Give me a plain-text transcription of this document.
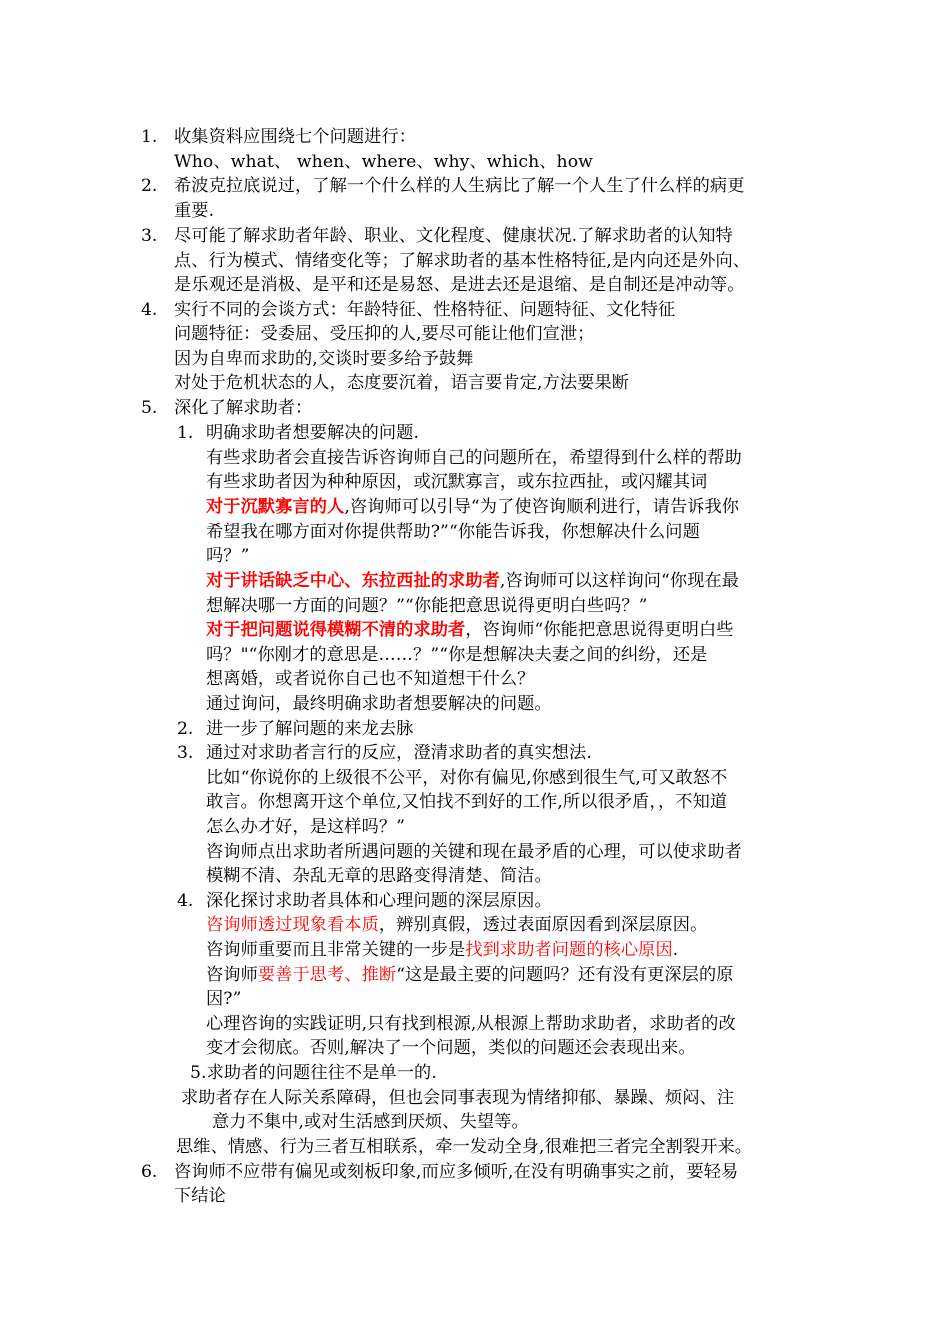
1. 收集资料应围绕七个问题进行：

Who、what、 when、where、why、which、how

2. 希波克拉底说过，了解一个什么样的人生病比了解一个人生了什么样的病更

重要.

3. 尽可能了解求助者年龄、职业、文化程度、健康状况.了解求助者的认知特

点、行为模式、情绪变化等；了解求助者的基本性格特征,是内向还是外向、

是乐观还是消极、是平和还是易怒、是进去还是退缩、是自制还是冲动等。

4. 实行不同的会谈方式：年龄特征、性格特征、问题特征、文化特征

问题特征：受委屈、受压抑的人,要尽可能让他们宣泄；

因为自卑而求助的,交谈时要多给予鼓舞

对处于危机状态的人，态度要沉着，语言要肯定,方法要果断

5. 深化了解求助者：

1. 明确求助者想要解决的问题.

有些求助者会直接告诉咨询师自己的问题所在，希望得到什么样的帮助

有些求助者因为种种原因，或沉默寡言，或东拉西扯，或闪耀其词

对于沉默寡言的人,咨询师可以引导“为了使咨询顺利进行，请告诉我你

希望我在哪方面对你提供帮助?”“你能告诉我，你想解决什么问题

吗？”

对于讲话缺乏中心、东拉西扯的求助者,咨询师可以这样询问“你现在最

想解决哪一方面的问题？”“你能把意思说得更明白些吗？”

对于把问题说得模糊不清的求助者，咨询师“你能把意思说得更明白些

吗？"“你刚才的意思是……？”“你是想解决夫妻之间的纠纷，还是

想离婚，或者说你自己也不知道想干什么？

通过询问，最终明确求助者想要解决的问题。

2. 进一步了解问题的来龙去脉

3. 通过对求助者言行的反应，澄清求助者的真实想法.

比如“你说你的上级很不公平，对你有偏见,你感到很生气,可又敢怒不

敢言。你想离开这个单位,又怕找不到好的工作,所以很矛盾，，不知道

怎么办才好，是这样吗？”

咨询师点出求助者所遇问题的关键和现在最矛盾的心理，可以使求助者

模糊不清、杂乱无章的思路变得清楚、简洁。

4. 深化探讨求助者具体和心理问题的深层原因。

咨询师透过现象看本质，辨别真假，透过表面原因看到深层原因。

咨询师重要而且非常关键的一步是找到求助者问题的核心原因.

咨询师要善于思考、推断“这是最主要的问题吗？还有没有更深层的原

因?”

心理咨询的实践证明,只有找到根源,从根源上帮助求助者，求助者的改

变才会彻底。否则,解决了一个问题，类似的问题还会表现出来。

5.求助者的问题往往不是单一的.

求助者存在人际关系障碍，但也会同事表现为情绪抑郁、暴躁、烦闷、注

意力不集中,或对生活感到厌烦、失望等。

思维、情感、行为三者互相联系，牵一发动全身,很难把三者完全割裂开来。

6. 咨询师不应带有偏见或刻板印象,而应多倾听,在没有明确事实之前，要轻易

下结论
